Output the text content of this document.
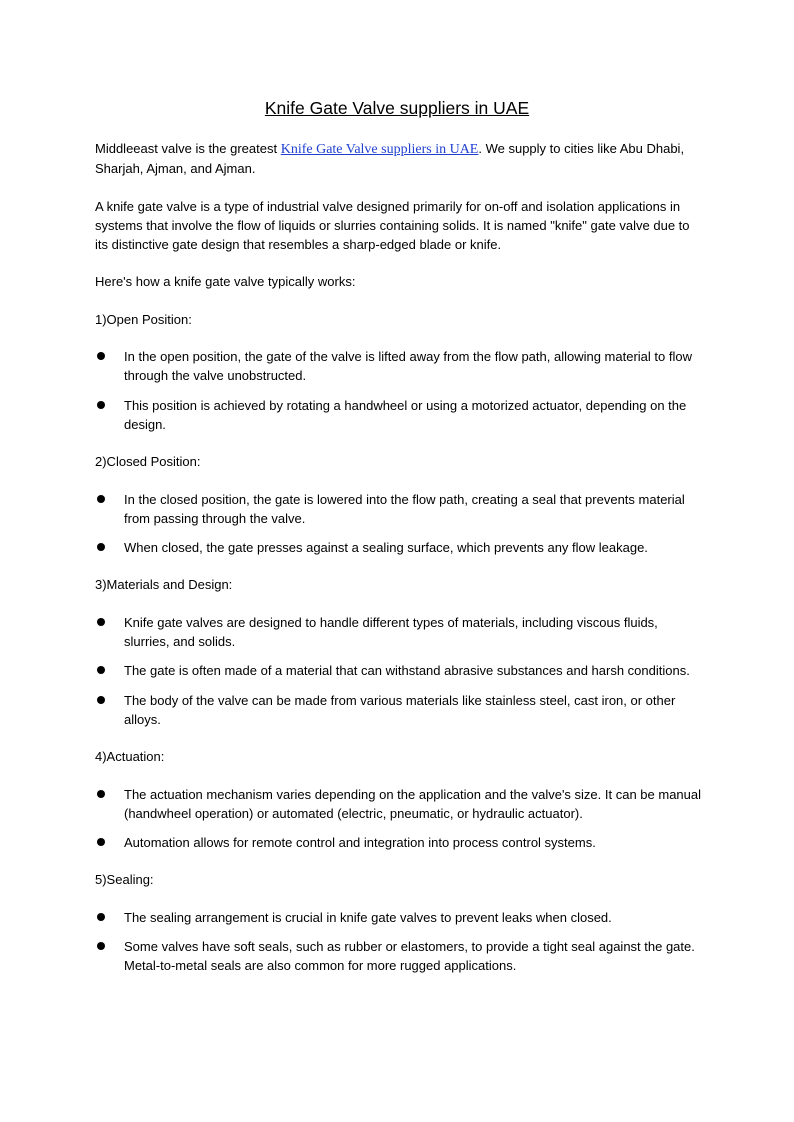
Knife Gate Valve suppliers in UAE

Middleeast valve is the greatest Knife Gate Valve suppliers in UAE. We supply to cities like Abu Dhabi, Sharjah, Ajman, and Ajman.

A knife gate valve is a type of industrial valve designed primarily for on-off and isolation applications in systems that involve the flow of liquids or slurries containing solids. It is named "knife" gate valve due to its distinctive gate design that resembles a sharp-edged blade or knife.

Here's how a knife gate valve typically works:

1)Open Position:

In the open position, the gate of the valve is lifted away from the flow path, allowing material to flow through the valve unobstructed.
This position is achieved by rotating a handwheel or using a motorized actuator, depending on the design.

2)Closed Position:

In the closed position, the gate is lowered into the flow path, creating a seal that prevents material from passing through the valve.
When closed, the gate presses against a sealing surface, which prevents any flow leakage.

3)Materials and Design:

Knife gate valves are designed to handle different types of materials, including viscous fluids, slurries, and solids.
The gate is often made of a material that can withstand abrasive substances and harsh conditions.
The body of the valve can be made from various materials like stainless steel, cast iron, or other alloys.

4)Actuation:

The actuation mechanism varies depending on the application and the valve's size. It can be manual (handwheel operation) or automated (electric, pneumatic, or hydraulic actuator).
Automation allows for remote control and integration into process control systems.

5)Sealing:

The sealing arrangement is crucial in knife gate valves to prevent leaks when closed.
Some valves have soft seals, such as rubber or elastomers, to provide a tight seal against the gate. Metal-to-metal seals are also common for more rugged applications.
